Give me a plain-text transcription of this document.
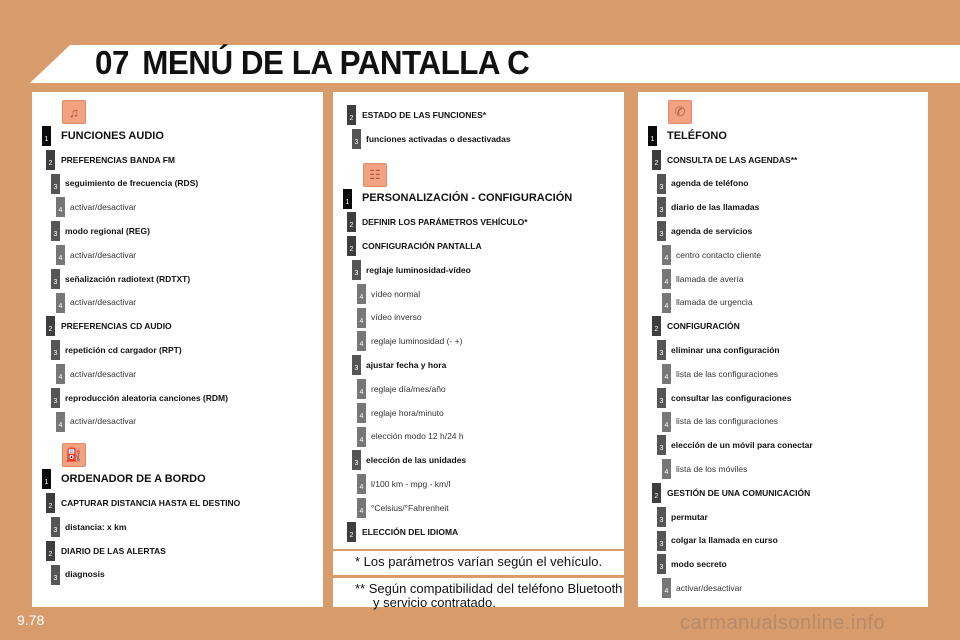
07 MENÚ DE LA PANTALLA C
♫
1 FUNCIONES AUDIO
2 PREFERENCIAS BANDA FM
3 seguimiento de frecuencia (RDS)
4 activar/desactivar
3 modo regional (REG)
4 activar/desactivar
3 señalización radiotext (RDTXT)
4 activar/desactivar
2 PREFERENCIAS CD AUDIO
3 repetición cd cargador (RPT)
4 activar/desactivar
3 reproducción aleatoria canciones (RDM)
4 activar/desactivar
⛽
1 ORDENADOR DE A BORDO
2 CAPTURAR DISTANCIA HASTA EL DESTINO
3 distancia: x km
2 DIARIO DE LAS ALERTAS
3 diagnosis
2 ESTADO DE LAS FUNCIONES*
3 funciones activadas o desactivadas
☷
1 PERSONALIZACIÓN - CONFIGURACIÓN
2 DEFINIR LOS PARÁMETROS VEHÍCULO*
2 CONFIGURACIÓN PANTALLA
3 reglaje luminosidad-vídeo
4 vídeo normal
4 vídeo inverso
4 reglaje luminosidad (- +)
3 ajustar fecha y hora
4 reglaje día/mes/año
4 reglaje hora/minuto
4 elección modo 12 h/24 h
3 elección de las unidades
4 l/100 km - mpg - km/l
4 °Celsius/°Fahrenheit
2 ELECCIÓN DEL IDIOMA
✆
1 TELÉFONO
2 CONSULTA DE LAS AGENDAS**
3 agenda de teléfono
3 diario de las llamadas
3 agenda de servicios
4 centro contacto cliente
4 llamada de avería
4 llamada de urgencia
2 CONFIGURACIÓN
3 eliminar una configuración
4 lista de las configuraciones
3 consultar las configuraciones
4 lista de las configuraciones
3 elección de un móvil para conectar
4 lista de los móviles
2 GESTIÓN DE UNA COMUNICACIÓN
3 permutar
3 colgar la llamada en curso
3 modo secreto
4 activar/desactivar
* Los parámetros varían según el vehículo.
** Según compatibilidad del teléfono Bluetooth y servicio contratado.
9.78	carmanualsonline.info
